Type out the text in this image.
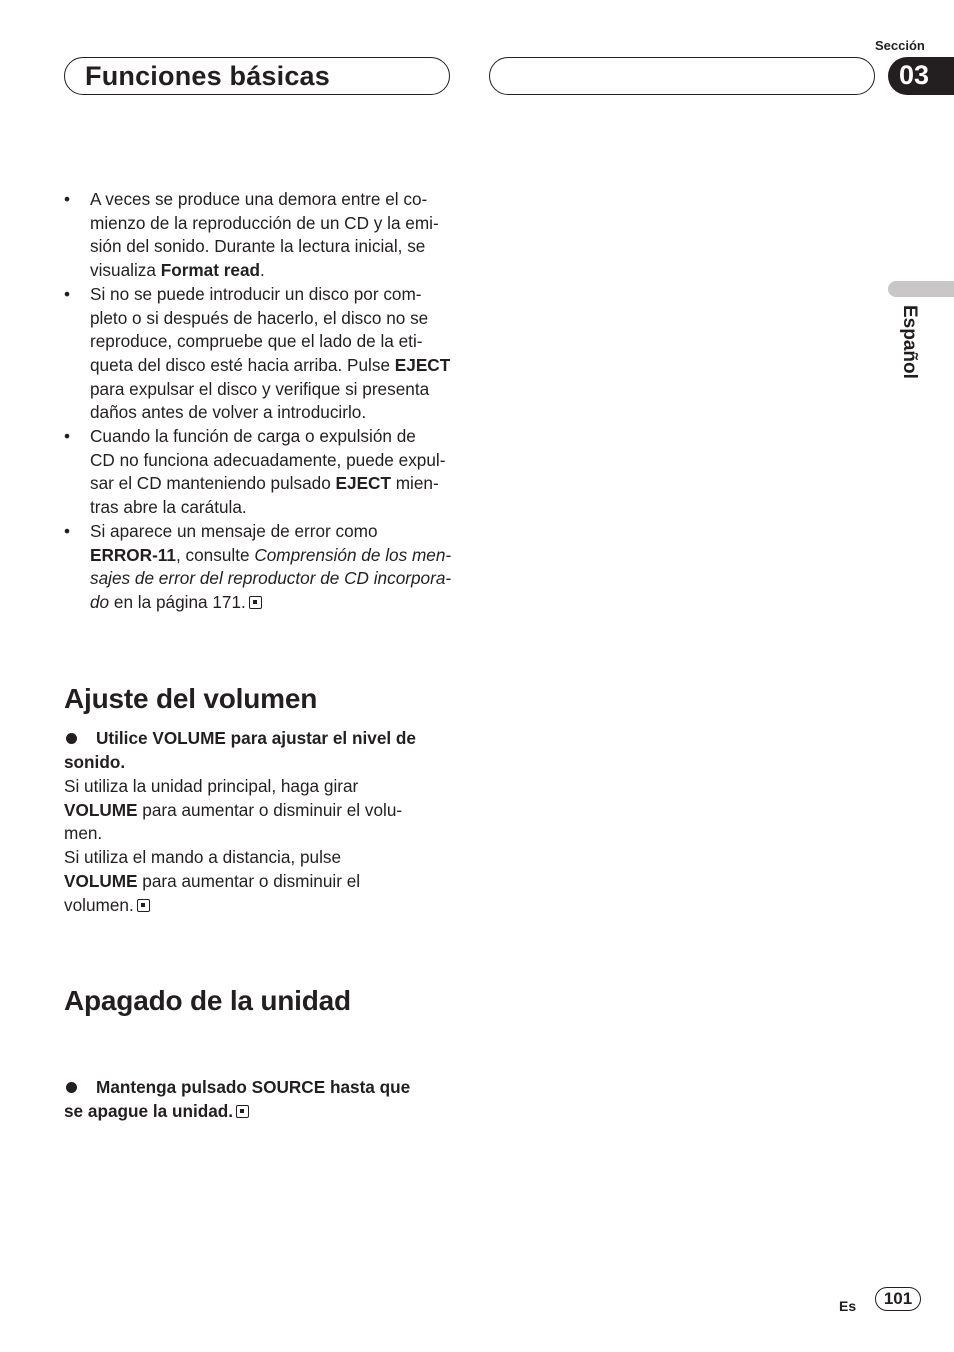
Funciones básicas
Sección
03
Español
• A veces se produce una demora entre el co-
mienzo de la reproducción de un CD y la emi-
sión del sonido. Durante la lectura inicial, se
visualiza Format read.
• Si no se puede introducir un disco por com-
pleto o si después de hacerlo, el disco no se
reproduce, compruebe que el lado de la eti-
queta del disco esté hacia arriba. Pulse EJECT
para expulsar el disco y verifique si presenta
daños antes de volver a introducirlo.
• Cuando la función de carga o expulsión de
CD no funciona adecuadamente, puede expul-
sar el CD manteniendo pulsado EJECT mien-
tras abre la carátula.
• Si aparece un mensaje de error como
ERROR-11, consulte Comprensión de los men-
sajes de error del reproductor de CD incorpora-
do en la página 171.
Ajuste del volumen
Utilice VOLUME para ajustar el nivel de
sonido.
Si utiliza la unidad principal, haga girar
VOLUME para aumentar o disminuir el volu-
men.
Si utiliza el mando a distancia, pulse
VOLUME para aumentar o disminuir el
volumen.
Apagado de la unidad
Mantenga pulsado SOURCE hasta que
se apague la unidad.
Es	101
